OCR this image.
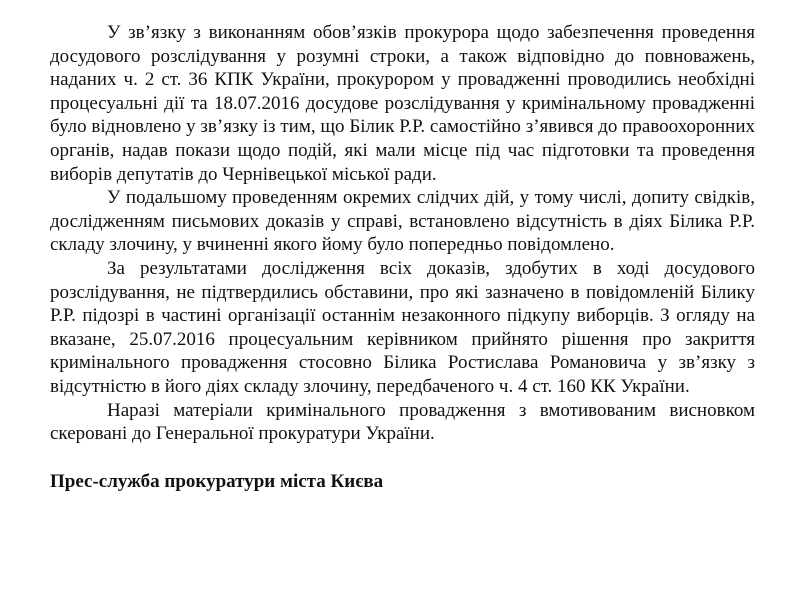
У зв’язку з виконанням обов’язків прокурора щодо забезпечення проведення досудового розслідування у розумні строки, а також відповідно до повноважень, наданих ч. 2 ст. 36 КПК України, прокурором у провадженні проводились необхідні процесуальні дії та 18.07.2016 досудове розслідування у кримінальному провадженні було відновлено у зв’язку із тим, що Білик Р.Р. самостійно з’явився до правоохоронних органів, надав покази щодо подій, які мали місце під час підготовки та проведення виборів депутатів до Чернівецької міської ради.

У подальшому проведенням окремих слідчих дій, у тому числі, допиту свідків, дослідженням письмових доказів у справі, встановлено відсутність в діях Білика Р.Р. складу злочину, у вчиненні якого йому було попередньо повідомлено.

За результатами дослідження всіх доказів, здобутих в ході досудового розслідування, не підтвердились обставини, про які зазначено в повідомленій Білику Р.Р. підозрі в частині організації останнім незаконного підкупу виборців. З огляду на вказане, 25.07.2016 процесуальним керівником прийнято рішення про закриття кримінального провадження стосовно Білика Ростислава Романовича у зв’язку з відсутністю в його діях складу злочину, передбаченого ч. 4 ст. 160 КК України.

Наразі матеріали кримінального провадження з вмотивованим висновком скеровані до Генеральної прокуратури України.

Прес-служба прокуратури міста Києва
